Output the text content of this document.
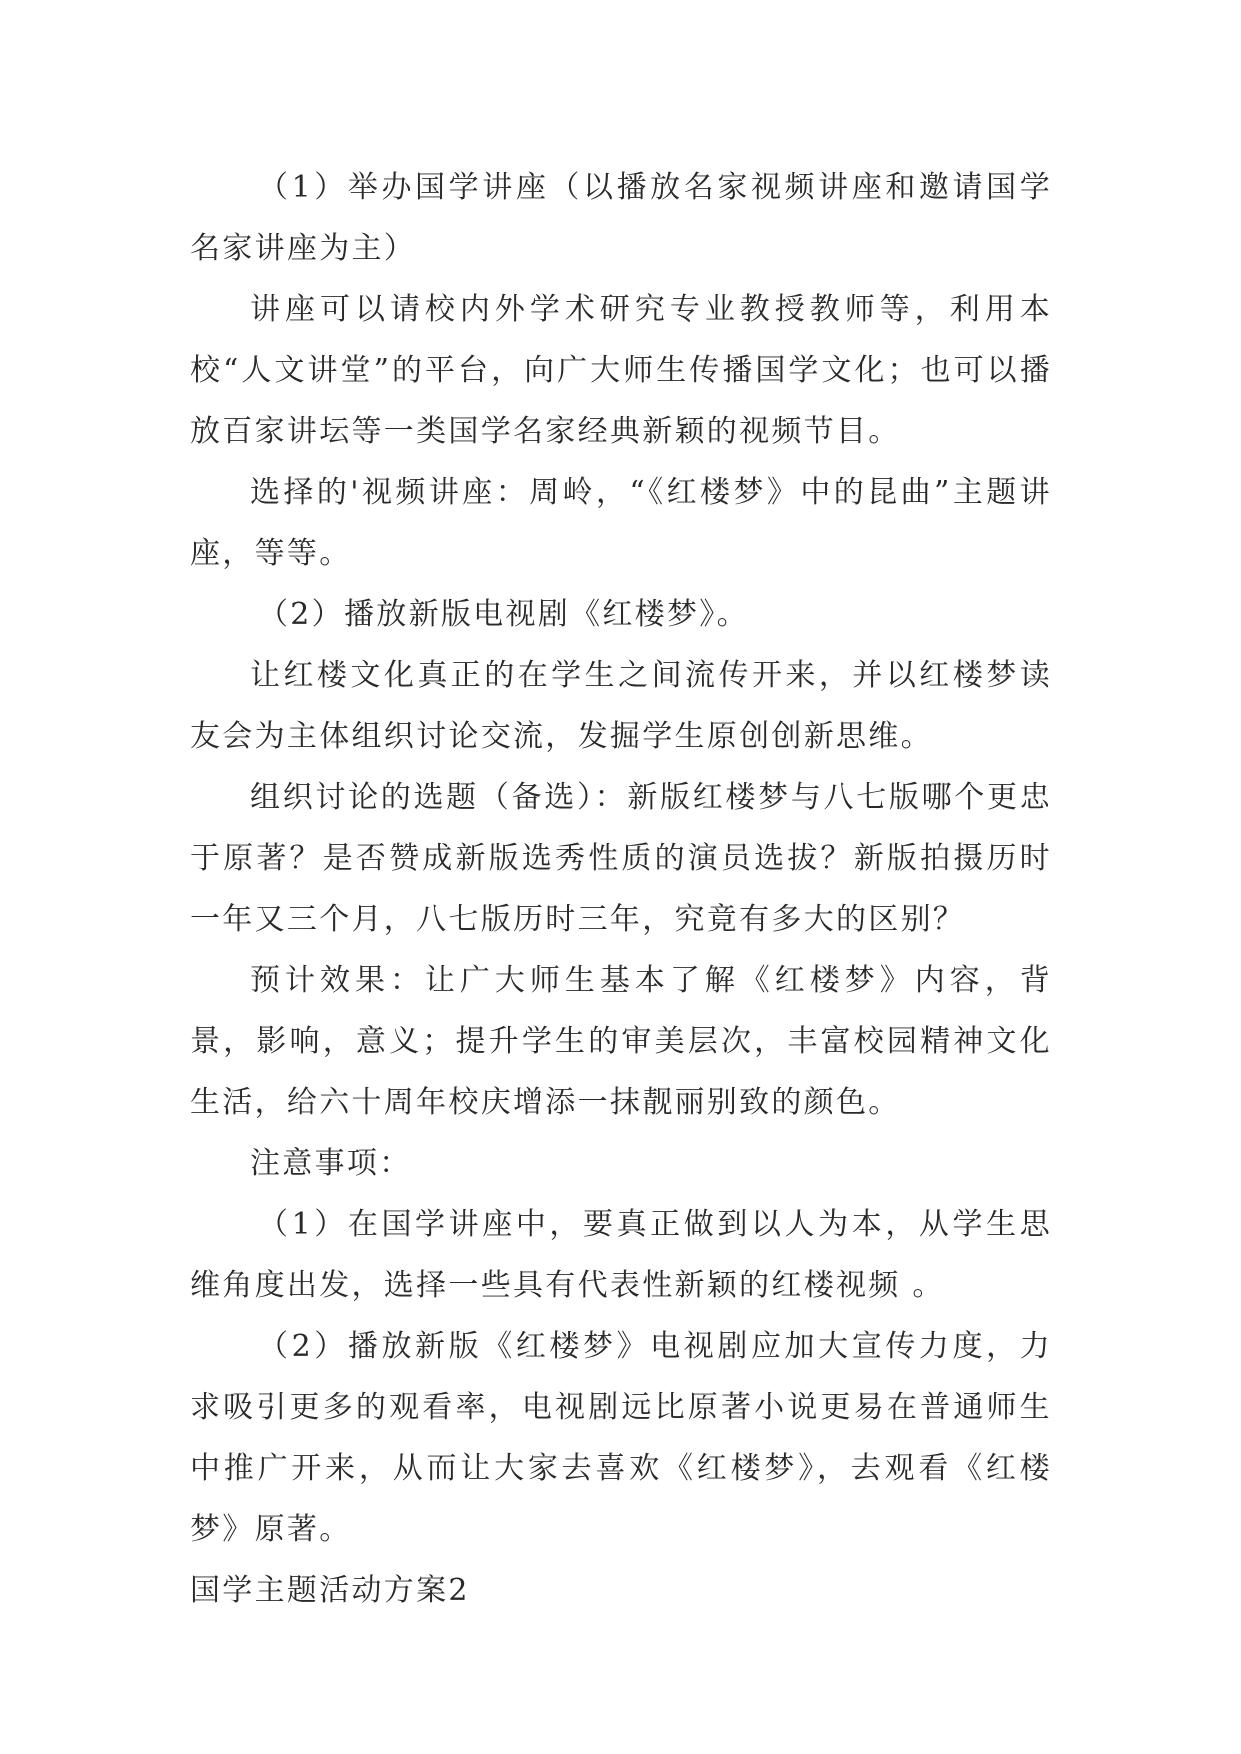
（1）举办国学讲座（以播放名家视频讲座和邀请国学名家讲座为主）

讲座可以请校内外学术研究专业教授教师等，利用本校“人文讲堂”的平台，向广大师生传播国学文化；也可以播放百家讲坛等一类国学名家经典新颖的视频节目。

选择的'视频讲座：周岭，“《红楼梦》中的昆曲”主题讲座，等等。

（2）播放新版电视剧《红楼梦》。

让红楼文化真正的在学生之间流传开来，并以红楼梦读友会为主体组织讨论交流，发掘学生原创创新思维。

组织讨论的选题（备选）：新版红楼梦与八七版哪个更忠于原著？是否赞成新版选秀性质的演员选拔？新版拍摄历时一年又三个月，八七版历时三年，究竟有多大的区别？

预计效果：让广大师生基本了解《红楼梦》内容，背景，影响，意义；提升学生的审美层次，丰富校园精神文化生活，给六十周年校庆增添一抹靓丽别致的颜色。

注意事项：

（1）在国学讲座中，要真正做到以人为本，从学生思维角度出发，选择一些具有代表性新颖的红楼视频 。

（2）播放新版《红楼梦》电视剧应加大宣传力度，力求吸引更多的观看率，电视剧远比原著小说更易在普通师生中推广开来，从而让大家去喜欢《红楼梦》，去观看《红楼梦》原著。

国学主题活动方案2
